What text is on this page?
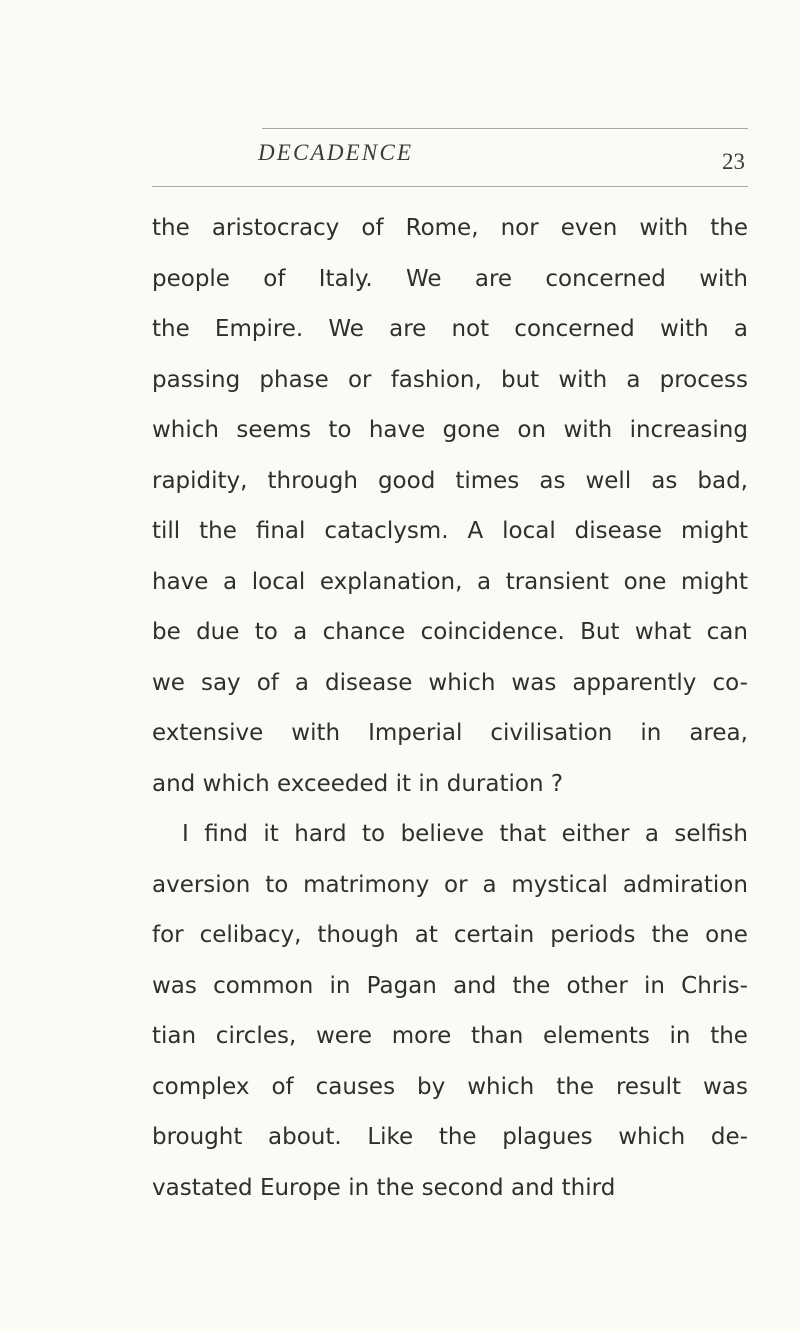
DECADENCE	23
the aristocracy of Rome, nor even with the
people of Italy. We are concerned with
the Empire. We are not concerned with a
passing phase or fashion, but with a process
which seems to have gone on with increasing
rapidity, through good times as well as bad,
till the final cataclysm. A local disease might
have a local explanation, a transient one might
be due to a chance coincidence. But what can
we say of a disease which was apparently co-
extensive with Imperial civilisation in area,
and which exceeded it in duration ?
I find it hard to believe that either a selfish
aversion to matrimony or a mystical admiration
for celibacy, though at certain periods the one
was common in Pagan and the other in Chris-
tian circles, were more than elements in the
complex of causes by which the result was
brought about. Like the plagues which de-
vastated Europe in the second and third
